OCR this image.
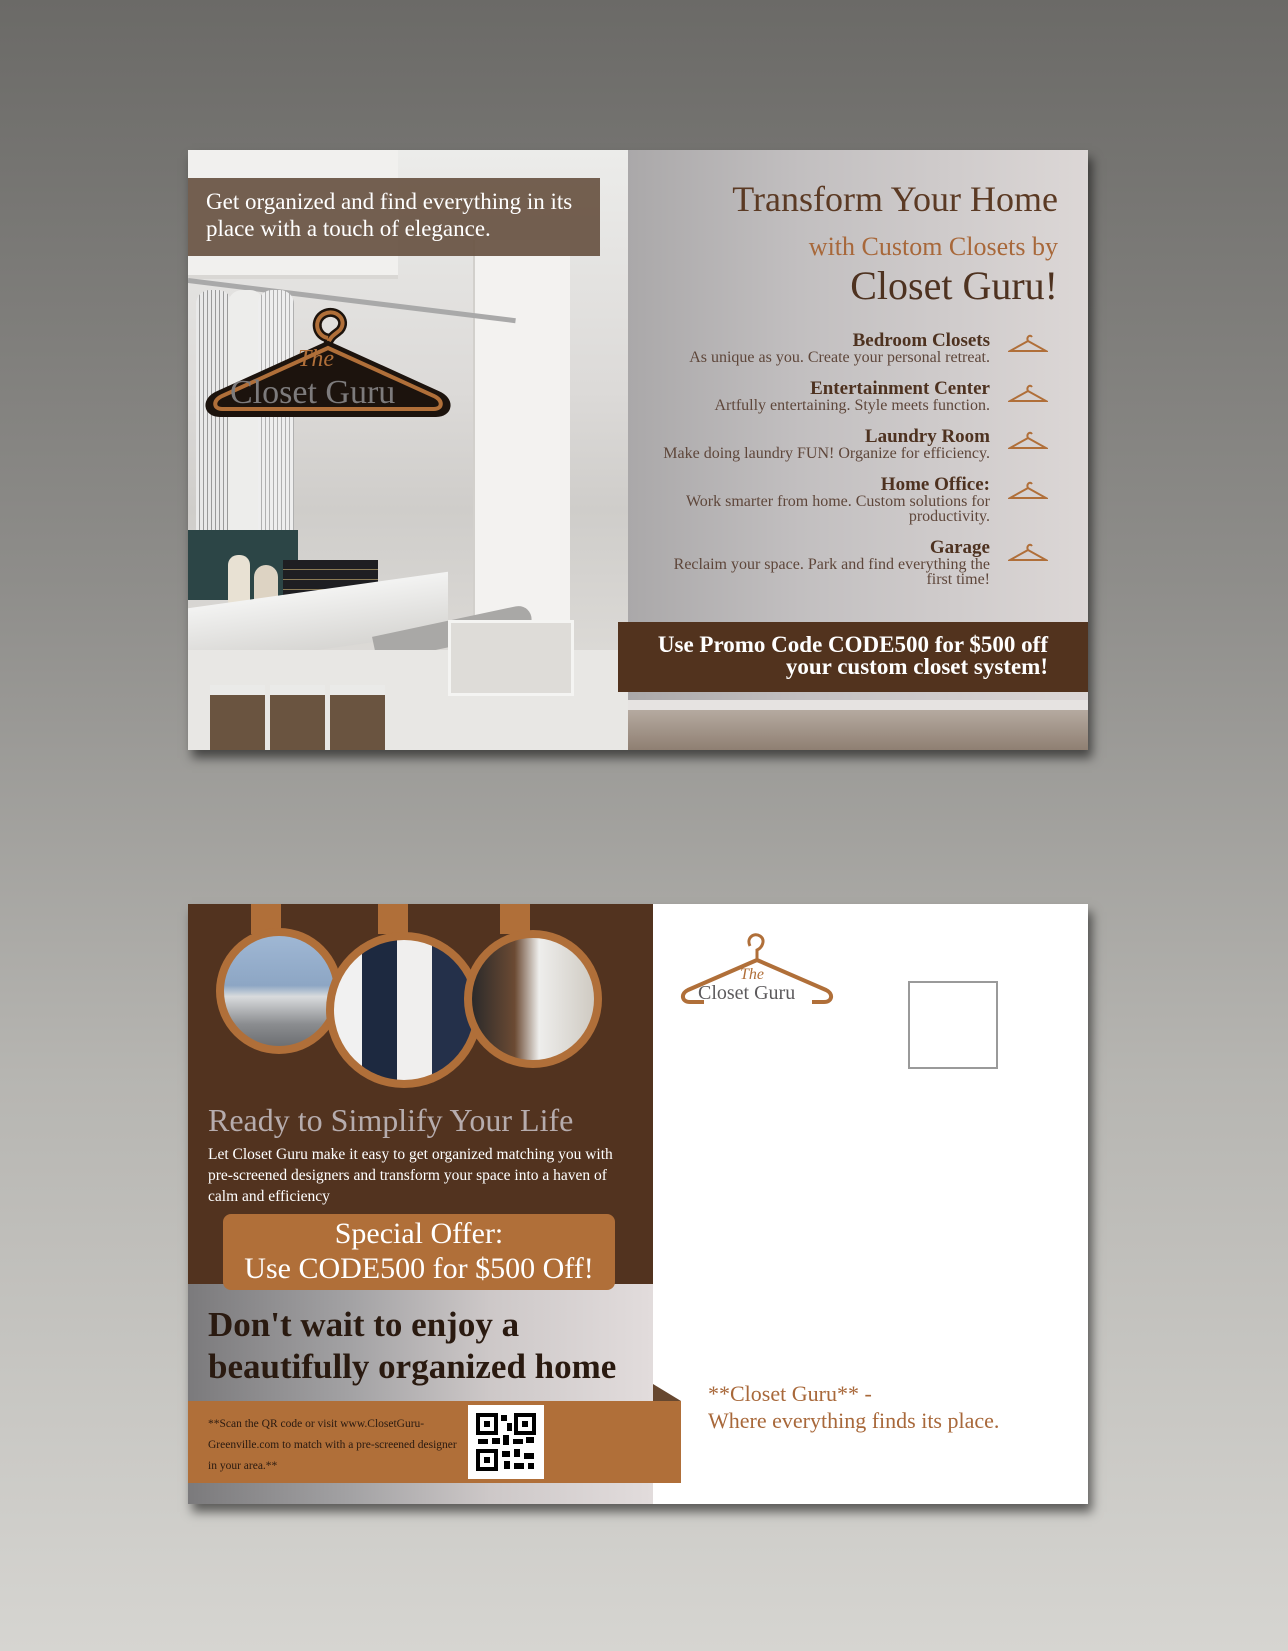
Get organized and find everything in its place with a touch of elegance.
The
Closet Guru
Transform Your Home
with Custom Closets by
Closet Guru!
Bedroom Closets
As unique as you. Create your personal retreat.
Entertainment Center
Artfully entertaining. Style meets function.
Laundry Room
Make doing laundry FUN! Organize for efficiency.
Home Office:
Work smarter from home. Custom solutions for productivity.
Garage
Reclaim your space. Park and find everything the first time!
Use Promo Code CODE500 for $500 off
your custom closet system!
Ready to Simplify Your Life
Let Closet Guru make it easy to get organized matching you with pre-screened designers and transform your space into a haven of calm and efficiency
Special Offer:
Use CODE500 for $500 Off!
Don't wait to enjoy a
beautifully organized home
**Scan the QR code or visit www.ClosetGuru-Greenville.com to match with a pre-screened designer in your area.**
The
Closet Guru
**Closet Guru** -
Where everything finds its place.
